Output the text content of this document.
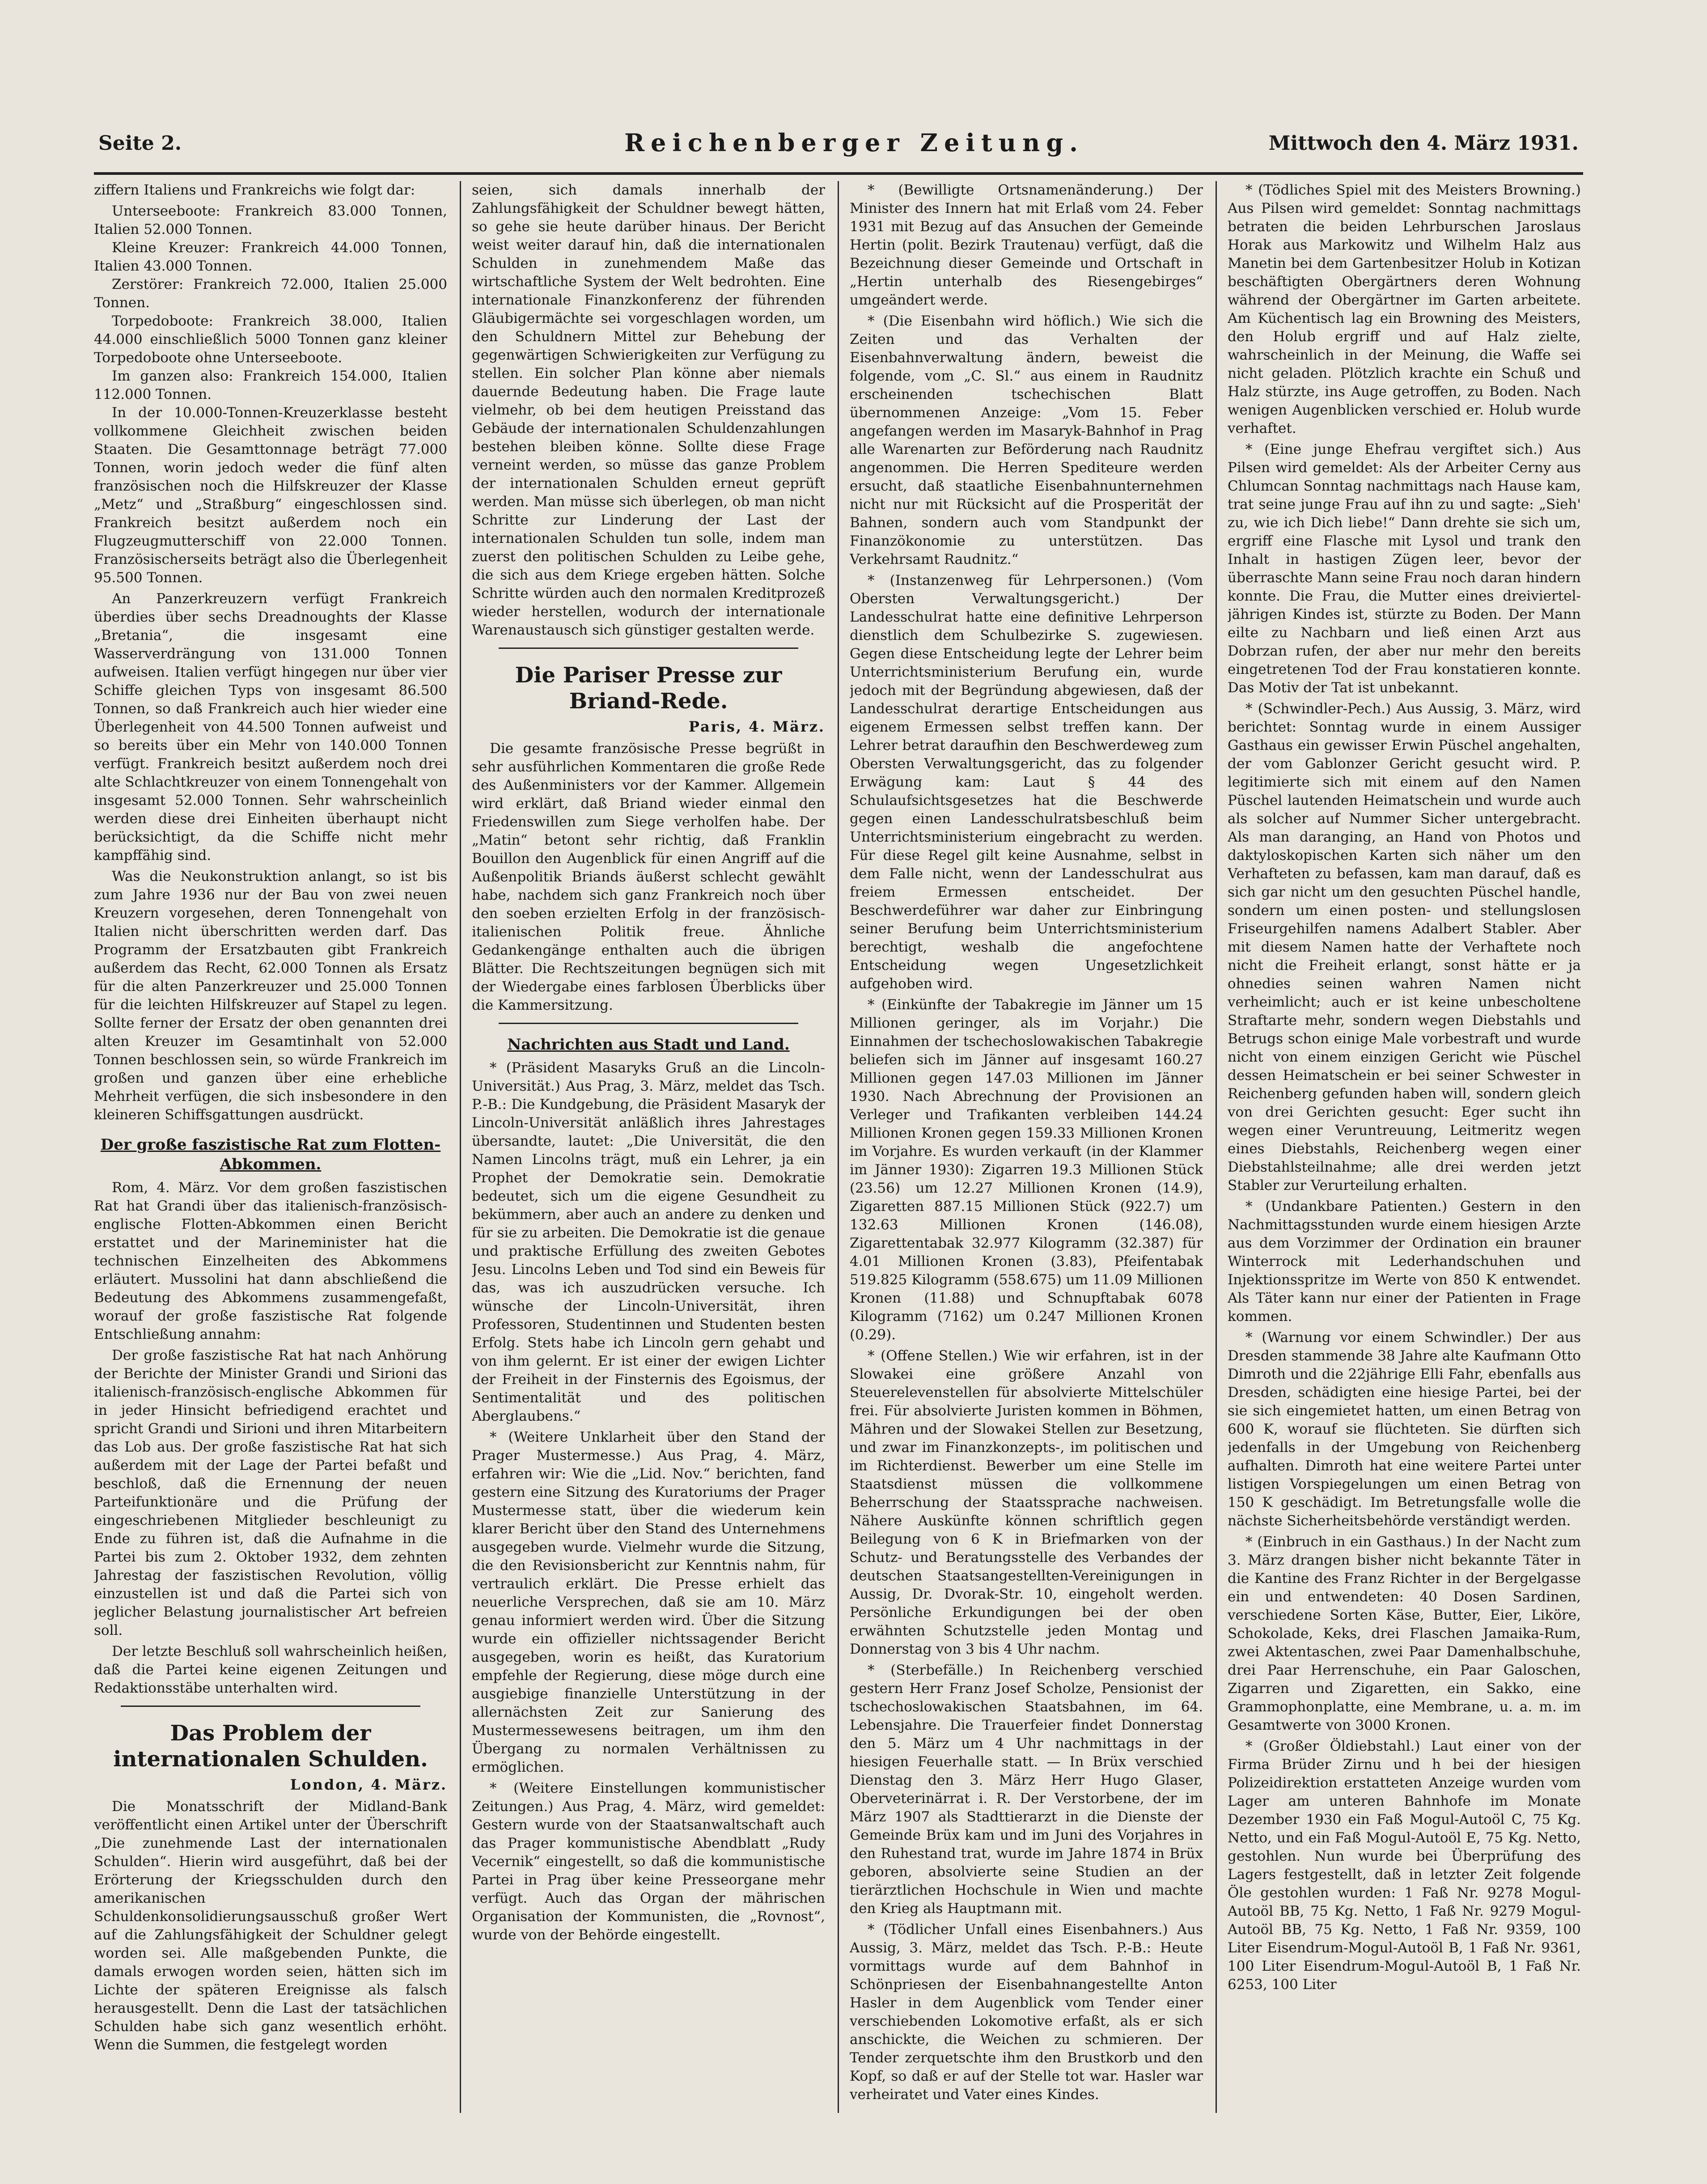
Seite 2.	Reichenberger Zeitung.	Mittwoch den 4. März 1931.

ziffern Italiens und Frankreichs wie folgt dar:

Unterseeboote: Frankreich 83.000 Tonnen, Italien 52.000 Tonnen.

Kleine Kreuzer: Frankreich 44.000 Tonnen, Italien 43.000 Tonnen.

Zerstörer: Frankreich 72.000, Italien 25.000 Tonnen.

Torpedoboote: Frankreich 38.000, Italien 44.000 einschließlich 5000 Tonnen ganz kleiner Torpedoboote ohne Unterseeboote.

Im ganzen also: Frankreich 154.000, Italien 112.000 Tonnen.

In der 10.000-Tonnen-Kreuzerklasse besteht vollkommene Gleichheit zwischen beiden Staaten. Die Gesamttonnage beträgt 77.000 Tonnen, worin jedoch weder die fünf alten französischen noch die Hilfskreuzer der Klasse „Metz“ und „Straßburg“ eingeschlossen sind. Frankreich besitzt außerdem noch ein Flugzeugmutterschiff von 22.000 Tonnen. Französischerseits beträgt also die Überlegenheit 95.500 Tonnen.

An Panzerkreuzern verfügt Frankreich überdies über sechs Dreadnoughts der Klasse „Bretania“, die insgesamt eine Wasserverdrängung von 131.000 Tonnen aufweisen. Italien verfügt hingegen nur über vier Schiffe gleichen Typs von insgesamt 86.500 Tonnen, so daß Frankreich auch hier wieder eine Überlegenheit von 44.500 Tonnen aufweist und so bereits über ein Mehr von 140.000 Tonnen verfügt. Frankreich besitzt außerdem noch drei alte Schlachtkreuzer von einem Tonnengehalt von insgesamt 52.000 Tonnen. Sehr wahrscheinlich werden diese drei Einheiten überhaupt nicht berücksichtigt, da die Schiffe nicht mehr kampffähig sind.

Was die Neukonstruktion anlangt, so ist bis zum Jahre 1936 nur der Bau von zwei neuen Kreuzern vorgesehen, deren Tonnengehalt von Italien nicht überschritten werden darf. Das Programm der Ersatzbauten gibt Frankreich außerdem das Recht, 62.000 Tonnen als Ersatz für die alten Panzerkreuzer und 25.000 Tonnen für die leichten Hilfskreuzer auf Stapel zu legen. Sollte ferner der Ersatz der oben genannten drei alten Kreuzer im Gesamtinhalt von 52.000 Tonnen beschlossen sein, so würde Frankreich im großen und ganzen über eine erhebliche Mehrheit verfügen, die sich insbesondere in den kleineren Schiffsgattungen ausdrückt.

Der große faszistische Rat zum Flotten-Abkommen.

Rom, 4. März. Vor dem großen faszistischen Rat hat Grandi über das italienisch-französisch-englische Flotten-Abkommen einen Bericht erstattet und der Marineminister hat die technischen Einzelheiten des Abkommens erläutert. Mussolini hat dann abschließend die Bedeutung des Abkommens zusammengefaßt, worauf der große faszistische Rat folgende Entschließung annahm:

Der große faszistische Rat hat nach Anhörung der Berichte der Minister Grandi und Sirioni das italienisch-französisch-englische Abkommen für in jeder Hinsicht befriedigend erachtet und spricht Grandi und Sirioni und ihren Mitarbeitern das Lob aus. Der große faszistische Rat hat sich außerdem mit der Lage der Partei befaßt und beschloß, daß die Ernennung der neuen Parteifunktionäre und die Prüfung der eingeschriebenen Mitglieder beschleunigt zu Ende zu führen ist, daß die Aufnahme in die Partei bis zum 2. Oktober 1932, dem zehnten Jahrestag der faszistischen Revolution, völlig einzustellen ist und daß die Partei sich von jeglicher Belastung journalistischer Art befreien soll.

Der letzte Beschluß soll wahrscheinlich heißen, daß die Partei keine eigenen Zeitungen und Redaktionsstäbe unterhalten wird.

Das Problem der internationalen Schulden.
London, 4. März.

Die Monatsschrift der Midland-Bank veröffentlicht einen Artikel unter der Überschrift „Die zunehmende Last der internationalen Schulden“. Hierin wird ausgeführt, daß bei der Erörterung der Kriegsschulden durch den amerikanischen Schuldenkonsolidierungsausschuß großer Wert auf die Zahlungsfähigkeit der Schuldner gelegt worden sei. Alle maßgebenden Punkte, die damals erwogen worden seien, hätten sich im Lichte der späteren Ereignisse als falsch herausgestellt. Denn die Last der tatsächlichen Schulden habe sich ganz wesentlich erhöht. Wenn die Summen, die festgelegt worden

seien, sich damals innerhalb der Zahlungsfähigkeit der Schuldner bewegt hätten, so gehe sie heute darüber hinaus. Der Bericht weist weiter darauf hin, daß die internationalen Schulden in zunehmendem Maße das wirtschaftliche System der Welt bedrohten. Eine internationale Finanzkonferenz der führenden Gläubigermächte sei vorgeschlagen worden, um den Schuldnern Mittel zur Behebung der gegenwärtigen Schwierigkeiten zur Verfügung zu stellen. Ein solcher Plan könne aber niemals dauernde Bedeutung haben. Die Frage laute vielmehr, ob bei dem heutigen Preisstand das Gebäude der internationalen Schuldenzahlungen bestehen bleiben könne. Sollte diese Frage verneint werden, so müsse das ganze Problem der internationalen Schulden erneut geprüft werden. Man müsse sich überlegen, ob man nicht Schritte zur Linderung der Last der internationalen Schulden tun solle, indem man zuerst den politischen Schulden zu Leibe gehe, die sich aus dem Kriege ergeben hätten. Solche Schritte würden auch den normalen Kreditprozeß wieder herstellen, wodurch der internationale Warenaustausch sich günstiger gestalten werde.

Die Pariser Presse zur Briand-Rede.
Paris, 4. März.

Die gesamte französische Presse begrüßt in sehr ausführlichen Kommentaren die große Rede des Außenministers vor der Kammer. Allgemein wird erklärt, daß Briand wieder einmal den Friedenswillen zum Siege verholfen habe. Der „Matin“ betont sehr richtig, daß Franklin Bouillon den Augenblick für einen Angriff auf die Außenpolitik Briands äußerst schlecht gewählt habe, nachdem sich ganz Frankreich noch über den soeben erzielten Erfolg in der französisch-italienischen Politik freue. Ähnliche Gedankengänge enthalten auch die übrigen Blätter. Die Rechtszeitungen begnügen sich mit der Wiedergabe eines farblosen Überblicks über die Kammersitzung.

Nachrichten aus Stadt und Land.

* (Präsident Masaryks Gruß an die Lincoln-Universität.) Aus Prag, 3. März, meldet das Tsch. P.-B.: Die Kundgebung, die Präsident Masaryk der Lincoln-Universität anläßlich ihres Jahrestages übersandte, lautet: „Die Universität, die den Namen Lincolns trägt, muß ein Lehrer, ja ein Prophet der Demokratie sein. Demokratie bedeutet, sich um die eigene Gesundheit zu bekümmern, aber auch an andere zu denken und für sie zu arbeiten. Die Demokratie ist die genaue und praktische Erfüllung des zweiten Gebotes Jesu. Lincolns Leben und Tod sind ein Beweis für das, was ich auszudrücken versuche. Ich wünsche der Lincoln-Universität, ihren Professoren, Studentinnen und Studenten besten Erfolg. Stets habe ich Lincoln gern gehabt und von ihm gelernt. Er ist einer der ewigen Lichter der Freiheit in der Finsternis des Egoismus, der Sentimentalität und des politischen Aberglaubens.“

* (Weitere Unklarheit über den Stand der Prager Mustermesse.) Aus Prag, 4. März, erfahren wir: Wie die „Lid. Nov.“ berichten, fand gestern eine Sitzung des Kuratoriums der Prager Mustermesse statt, über die wiederum kein klarer Bericht über den Stand des Unternehmens ausgegeben wurde. Vielmehr wurde die Sitzung, die den Revisionsbericht zur Kenntnis nahm, für vertraulich erklärt. Die Presse erhielt das neuerliche Versprechen, daß sie am 10. März genau informiert werden wird. Über die Sitzung wurde ein offizieller nichtssagender Bericht ausgegeben, worin es heißt, das Kuratorium empfehle der Regierung, diese möge durch eine ausgiebige finanzielle Unterstützung in der allernächsten Zeit zur Sanierung des Mustermessewesens beitragen, um ihm den Übergang zu normalen Verhältnissen zu ermöglichen.

* (Weitere Einstellungen kommunistischer Zeitungen.) Aus Prag, 4. März, wird gemeldet: Gestern wurde von der Staatsanwaltschaft auch das Prager kommunistische Abendblatt „Rudy Vecernik“ eingestellt, so daß die kommunistische Partei in Prag über keine Presseorgane mehr verfügt. Auch das Organ der mährischen Organisation der Kommunisten, die „Rovnost“, wurde von der Behörde eingestellt.

* (Bewilligte Ortsnamenänderung.) Der Minister des Innern hat mit Erlaß vom 24. Feber 1931 mit Bezug auf das Ansuchen der Gemeinde Hertin (polit. Bezirk Trautenau) verfügt, daß die Bezeichnung dieser Gemeinde und Ortschaft in „Hertin unterhalb des Riesengebirges“ umgeändert werde.

* (Die Eisenbahn wird höflich.) Wie sich die Zeiten und das Verhalten der Eisenbahnverwaltung ändern, beweist die folgende, vom „C. Sl.“ aus einem in Raudnitz erscheinenden tschechischen Blatt übernommenen Anzeige: „Vom 15. Feber angefangen werden im Masaryk-Bahnhof in Prag alle Warenarten zur Beförderung nach Raudnitz angenommen. Die Herren Spediteure werden ersucht, daß staatliche Eisenbahnunternehmen nicht nur mit Rücksicht auf die Prosperität der Bahnen, sondern auch vom Standpunkt der Finanzökonomie zu unterstützen. Das Verkehrsamt Raudnitz.“

* (Instanzenweg für Lehrpersonen.) (Vom Obersten Verwaltungsgericht.) Der Landesschulrat hatte eine definitive Lehrperson dienstlich dem Schulbezirke S. zugewiesen. Gegen diese Entscheidung legte der Lehrer beim Unterrichtsministerium Berufung ein, wurde jedoch mit der Begründung abgewiesen, daß der Landesschulrat derartige Entscheidungen aus eigenem Ermessen selbst treffen kann. Der Lehrer betrat daraufhin den Beschwerdeweg zum Obersten Verwaltungsgericht, das zu folgender Erwägung kam: Laut § 44 des Schulaufsichtsgesetzes hat die Beschwerde gegen einen Landesschulratsbeschluß beim Unterrichtsministerium eingebracht zu werden. Für diese Regel gilt keine Ausnahme, selbst in dem Falle nicht, wenn der Landesschulrat aus freiem Ermessen entscheidet. Der Beschwerdeführer war daher zur Einbringung seiner Berufung beim Unterrichtsministerium berechtigt, weshalb die angefochtene Entscheidung wegen Ungesetzlichkeit aufgehoben wird.

* (Einkünfte der Tabakregie im Jänner um 15 Millionen geringer, als im Vorjahr.) Die Einnahmen der tschechoslowakischen Tabakregie beliefen sich im Jänner auf insgesamt 160.27 Millionen gegen 147.03 Millionen im Jänner 1930. Nach Abrechnung der Provisionen an Verleger und Trafikanten verbleiben 144.24 Millionen Kronen gegen 159.33 Millionen Kronen im Vorjahre. Es wurden verkauft (in der Klammer im Jänner 1930): Zigarren 19.3 Millionen Stück (23.56) um 12.27 Millionen Kronen (14.9), Zigaretten 887.15 Millionen Stück (922.7) um 132.63 Millionen Kronen (146.08), Zigarettentabak 32.977 Kilogramm (32.387) für 4.01 Millionen Kronen (3.83), Pfeifentabak 519.825 Kilogramm (558.675) um 11.09 Millionen Kronen (11.88) und Schnupftabak 6078 Kilogramm (7162) um 0.247 Millionen Kronen (0.29).

* (Offene Stellen.) Wie wir erfahren, ist in der Slowakei eine größere Anzahl von Steuerelevenstellen für absolvierte Mittelschüler frei. Für absolvierte Juristen kommen in Böhmen, Mähren und der Slowakei Stellen zur Besetzung, und zwar im Finanzkonzepts-, im politischen und im Richterdienst. Bewerber um eine Stelle im Staatsdienst müssen die vollkommene Beherrschung der Staatssprache nachweisen. Nähere Auskünfte können schriftlich gegen Beilegung von 6 K in Briefmarken von der Schutz- und Beratungsstelle des Verbandes der deutschen Staatsangestellten-Vereinigungen in Aussig, Dr. Dvorak-Str. 10, eingeholt werden. Persönliche Erkundigungen bei der oben erwähnten Schutzstelle jeden Montag und Donnerstag von 3 bis 4 Uhr nachm.

* (Sterbefälle.) In Reichenberg verschied gestern Herr Franz Josef Scholze, Pensionist der tschechoslowakischen Staatsbahnen, im 64. Lebensjahre. Die Trauerfeier findet Donnerstag den 5. März um 4 Uhr nachmittags in der hiesigen Feuerhalle statt. — In Brüx verschied Dienstag den 3. März Herr Hugo Glaser, Oberveterinärrat i. R. Der Verstorbene, der im März 1907 als Stadttierarzt in die Dienste der Gemeinde Brüx kam und im Juni des Vorjahres in den Ruhestand trat, wurde im Jahre 1874 in Brüx geboren, absolvierte seine Studien an der tierärztlichen Hochschule in Wien und machte den Krieg als Hauptmann mit.

* (Tödlicher Unfall eines Eisenbahners.) Aus Aussig, 3. März, meldet das Tsch. P.-B.: Heute vormittags wurde auf dem Bahnhof in Schönpriesen der Eisenbahnangestellte Anton Hasler in dem Augenblick vom Tender einer verschiebenden Lokomotive erfaßt, als er sich anschickte, die Weichen zu schmieren. Der Tender zerquetschte ihm den Brustkorb und den Kopf, so daß er auf der Stelle tot war. Hasler war verheiratet und Vater eines Kindes.

* (Tödliches Spiel mit des Meisters Browning.) Aus Pilsen wird gemeldet: Sonntag nachmittags betraten die beiden Lehrburschen Jaroslaus Horak aus Markowitz und Wilhelm Halz aus Manetin bei dem Gartenbesitzer Holub in Kotizan beschäftigten Obergärtners deren Wohnung während der Obergärtner im Garten arbeitete. Am Küchentisch lag ein Browning des Meisters, den Holub ergriff und auf Halz zielte, wahrscheinlich in der Meinung, die Waffe sei nicht geladen. Plötzlich krachte ein Schuß und Halz stürzte, ins Auge getroffen, zu Boden. Nach wenigen Augenblicken verschied er. Holub wurde verhaftet.

* (Eine junge Ehefrau vergiftet sich.) Aus Pilsen wird gemeldet: Als der Arbeiter Cerny aus Chlumcan Sonntag nachmittags nach Hause kam, trat seine junge Frau auf ihn zu und sagte: „Sieh' zu, wie ich Dich liebe!“ Dann drehte sie sich um, ergriff eine Flasche mit Lysol und trank den Inhalt in hastigen Zügen leer, bevor der überraschte Mann seine Frau noch daran hindern konnte. Die Frau, die Mutter eines dreivierteljährigen Kindes ist, stürzte zu Boden. Der Mann eilte zu Nachbarn und ließ einen Arzt aus Dobrzan rufen, der aber nur mehr den bereits eingetretenen Tod der Frau konstatieren konnte. Das Motiv der Tat ist unbekannt.

* (Schwindler-Pech.) Aus Aussig, 3. März, wird berichtet: Sonntag wurde in einem Aussiger Gasthaus ein gewisser Erwin Püschel angehalten, der vom Gablonzer Gericht gesucht wird. P. legitimierte sich mit einem auf den Namen Püschel lautenden Heimatschein und wurde auch als solcher auf Nummer Sicher untergebracht. Als man daranging, an Hand von Photos und daktyloskopischen Karten sich näher um den Verhafteten zu befassen, kam man darauf, daß es sich gar nicht um den gesuchten Püschel handle, sondern um einen posten- und stellungslosen Friseurgehilfen namens Adalbert Stabler. Aber mit diesem Namen hatte der Verhaftete noch nicht die Freiheit erlangt, sonst hätte er ja ohnedies seinen wahren Namen nicht verheimlicht; auch er ist keine unbescholtene Straftarte mehr, sondern wegen Diebstahls und Betrugs schon einige Male vorbestraft und wurde nicht von einem einzigen Gericht wie Püschel dessen Heimatschein er bei seiner Schwester in Reichenberg gefunden haben will, sondern gleich von drei Gerichten gesucht: Eger sucht ihn wegen einer Veruntreuung, Leitmeritz wegen eines Diebstahls, Reichenberg wegen einer Diebstahlsteilnahme; alle drei werden jetzt Stabler zur Verurteilung erhalten.

* (Undankbare Patienten.) Gestern in den Nachmittagsstunden wurde einem hiesigen Arzte aus dem Vorzimmer der Ordination ein brauner Winterrock mit Lederhandschuhen und Injektionsspritze im Werte von 850 K entwendet. Als Täter kann nur einer der Patienten in Frage kommen.

* (Warnung vor einem Schwindler.) Der aus Dresden stammende 38 Jahre alte Kaufmann Otto Dimroth und die 22jährige Elli Fahr, ebenfalls aus Dresden, schädigten eine hiesige Partei, bei der sie sich eingemietet hatten, um einen Betrag von 600 K, worauf sie flüchteten. Sie dürften sich jedenfalls in der Umgebung von Reichenberg aufhalten. Dimroth hat eine weitere Partei unter listigen Vorspiegelungen um einen Betrag von 150 K geschädigt. Im Betretungsfalle wolle die nächste Sicherheitsbehörde verständigt werden.

* (Einbruch in ein Gasthaus.) In der Nacht zum 3. März drangen bisher nicht bekannte Täter in die Kantine des Franz Richter in der Bergelgasse ein und entwendeten: 40 Dosen Sardinen, verschiedene Sorten Käse, Butter, Eier, Liköre, Schokolade, Keks, drei Flaschen Jamaika-Rum, zwei Aktentaschen, zwei Paar Damenhalbschuhe, drei Paar Herrenschuhe, ein Paar Galoschen, Zigarren und Zigaretten, ein Sakko, eine Grammophonplatte, eine Membrane, u. a. m. im Gesamtwerte von 3000 Kronen.

* (Großer Öldiebstahl.) Laut einer von der Firma Brüder Zirnu und h bei der hiesigen Polizeidirektion erstatteten Anzeige wurden vom Lager am unteren Bahnhofe im Monate Dezember 1930 ein Faß Mogul-Autoöl C, 75 Kg. Netto, und ein Faß Mogul-Autoöl E, 75 Kg. Netto, gestohlen. Nun wurde bei Überprüfung des Lagers festgestellt, daß in letzter Zeit folgende Öle gestohlen wurden: 1 Faß Nr. 9278 Mogul-Autoöl BB, 75 Kg. Netto, 1 Faß Nr. 9279 Mogul-Autoöl BB, 75 Kg. Netto, 1 Faß Nr. 9359, 100 Liter Eisendrum-Mogul-Autoöl B, 1 Faß Nr. 9361, 100 Liter Eisendrum-Mogul-Autoöl B, 1 Faß Nr. 6253, 100 Liter
